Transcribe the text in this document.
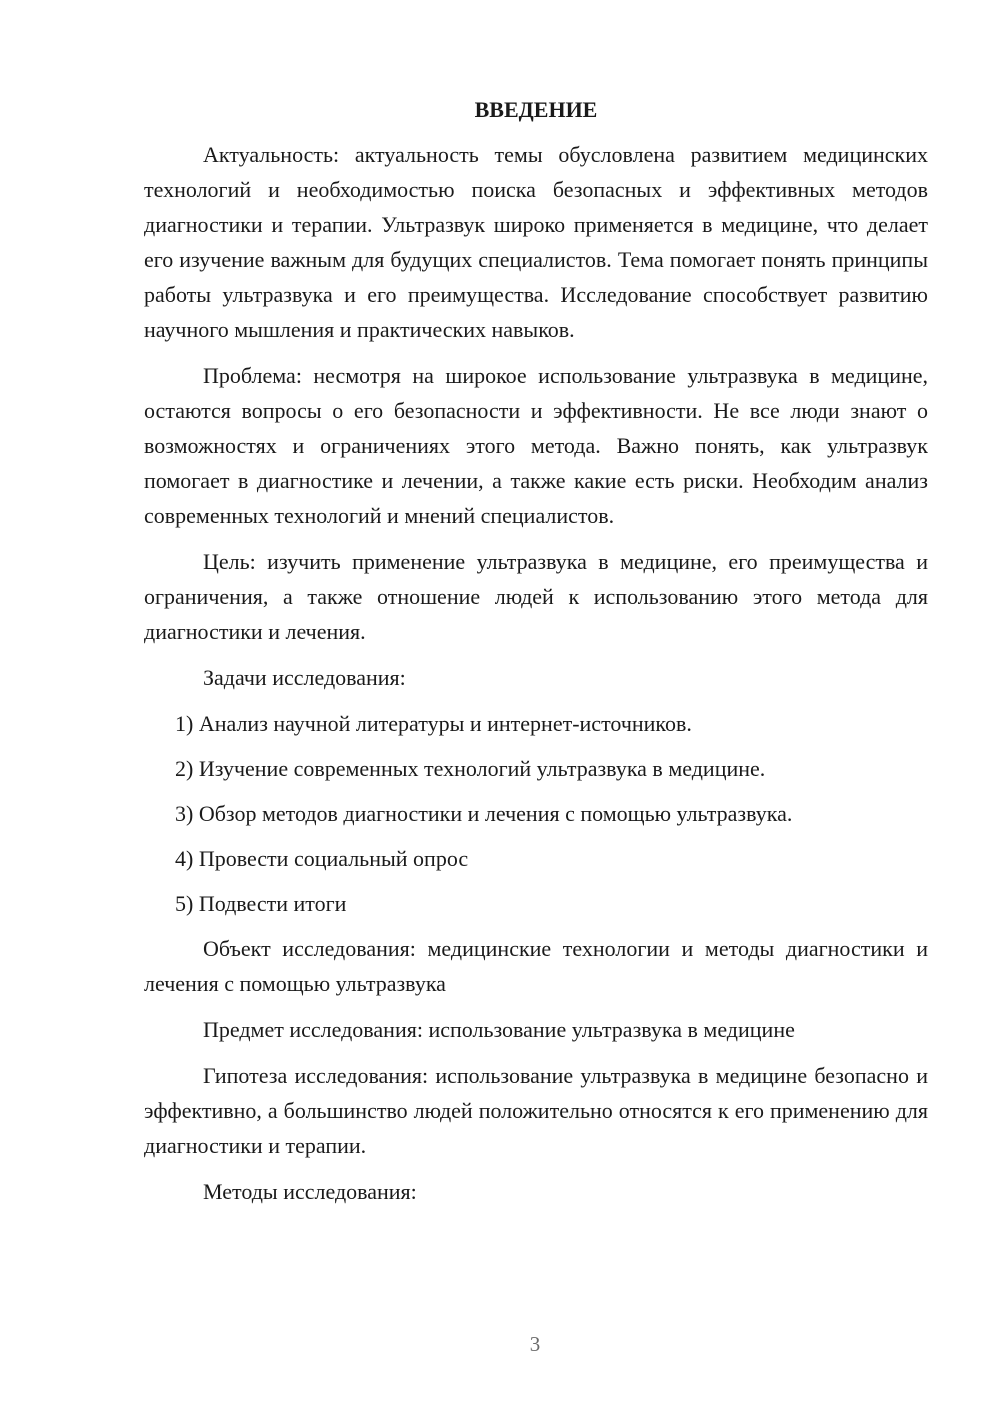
ВВЕДЕНИЕ

Актуальность: актуальность темы обусловлена развитием медицинских технологий и необходимостью поиска безопасных и эффективных методов диагностики и терапии. Ультразвук широко применяется в медицине, что делает его изучение важным для будущих специалистов. Тема помогает понять принципы работы ультразвука и его преимущества. Исследование способствует развитию научного мышления и практических навыков.

Проблема: несмотря на широкое использование ультразвука в медицине, остаются вопросы о его безопасности и эффективности. Не все люди знают о возможностях и ограничениях этого метода. Важно понять, как ультразвук помогает в диагностике и лечении, а также какие есть риски. Необходим анализ современных технологий и мнений специалистов.

Цель: изучить применение ультразвука в медицине, его преимущества и ограничения, а также отношение людей к использованию этого метода для диагностики и лечения.

Задачи исследования:

1) Анализ научной литературы и интернет-источников.
2) Изучение современных технологий ультразвука в медицине.
3) Обзор методов диагностики и лечения с помощью ультразвука.
4) Провести социальный опрос
5) Подвести итоги

Объект исследования: медицинские технологии и методы диагностики и лечения с помощью ультразвука

Предмет исследования: использование ультразвука в медицине

Гипотеза исследования: использование ультразвука в медицине безопасно и эффективно, а большинство людей положительно относятся к его применению для диагностики и терапии.

Методы исследования:

3
